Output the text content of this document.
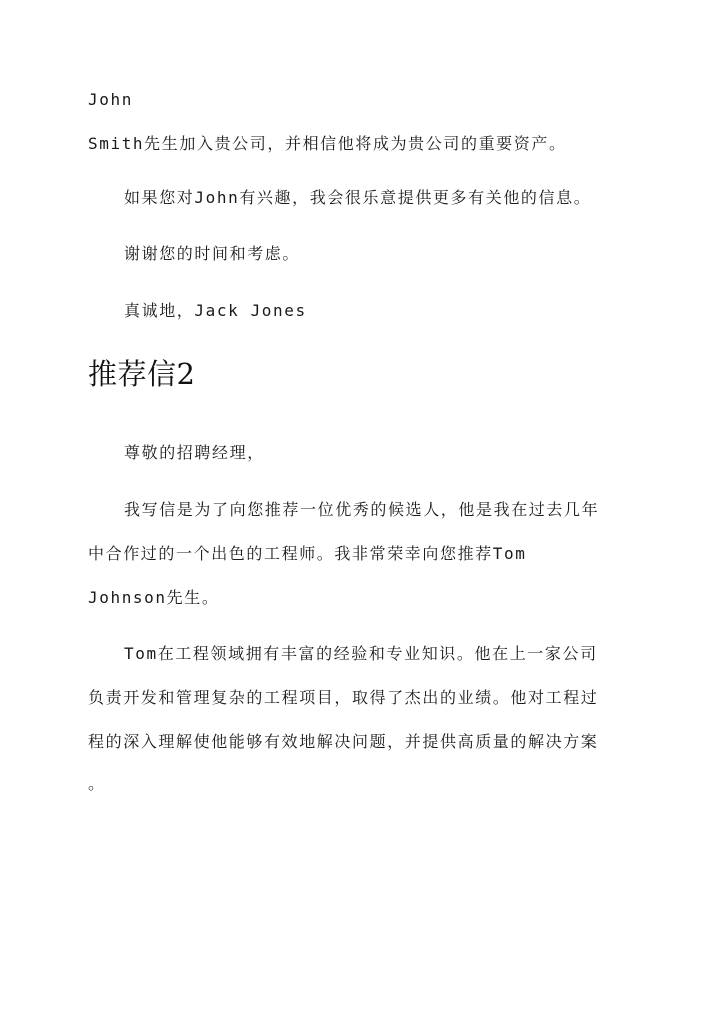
John

Smith先生加入贵公司，并相信他将成为贵公司的重要资产。

如果您对John有兴趣，我会很乐意提供更多有关他的信息。

谢谢您的时间和考虑。

真诚地，Jack Jones

推荐信2

尊敬的招聘经理，

我写信是为了向您推荐一位优秀的候选人，他是我在过去几年

中合作过的一个出色的工程师。我非常荣幸向您推荐Tom

Johnson先生。

Tom在工程领域拥有丰富的经验和专业知识。他在上一家公司

负责开发和管理复杂的工程项目，取得了杰出的业绩。他对工程过

程的深入理解使他能够有效地解决问题，并提供高质量的解决方案

。
